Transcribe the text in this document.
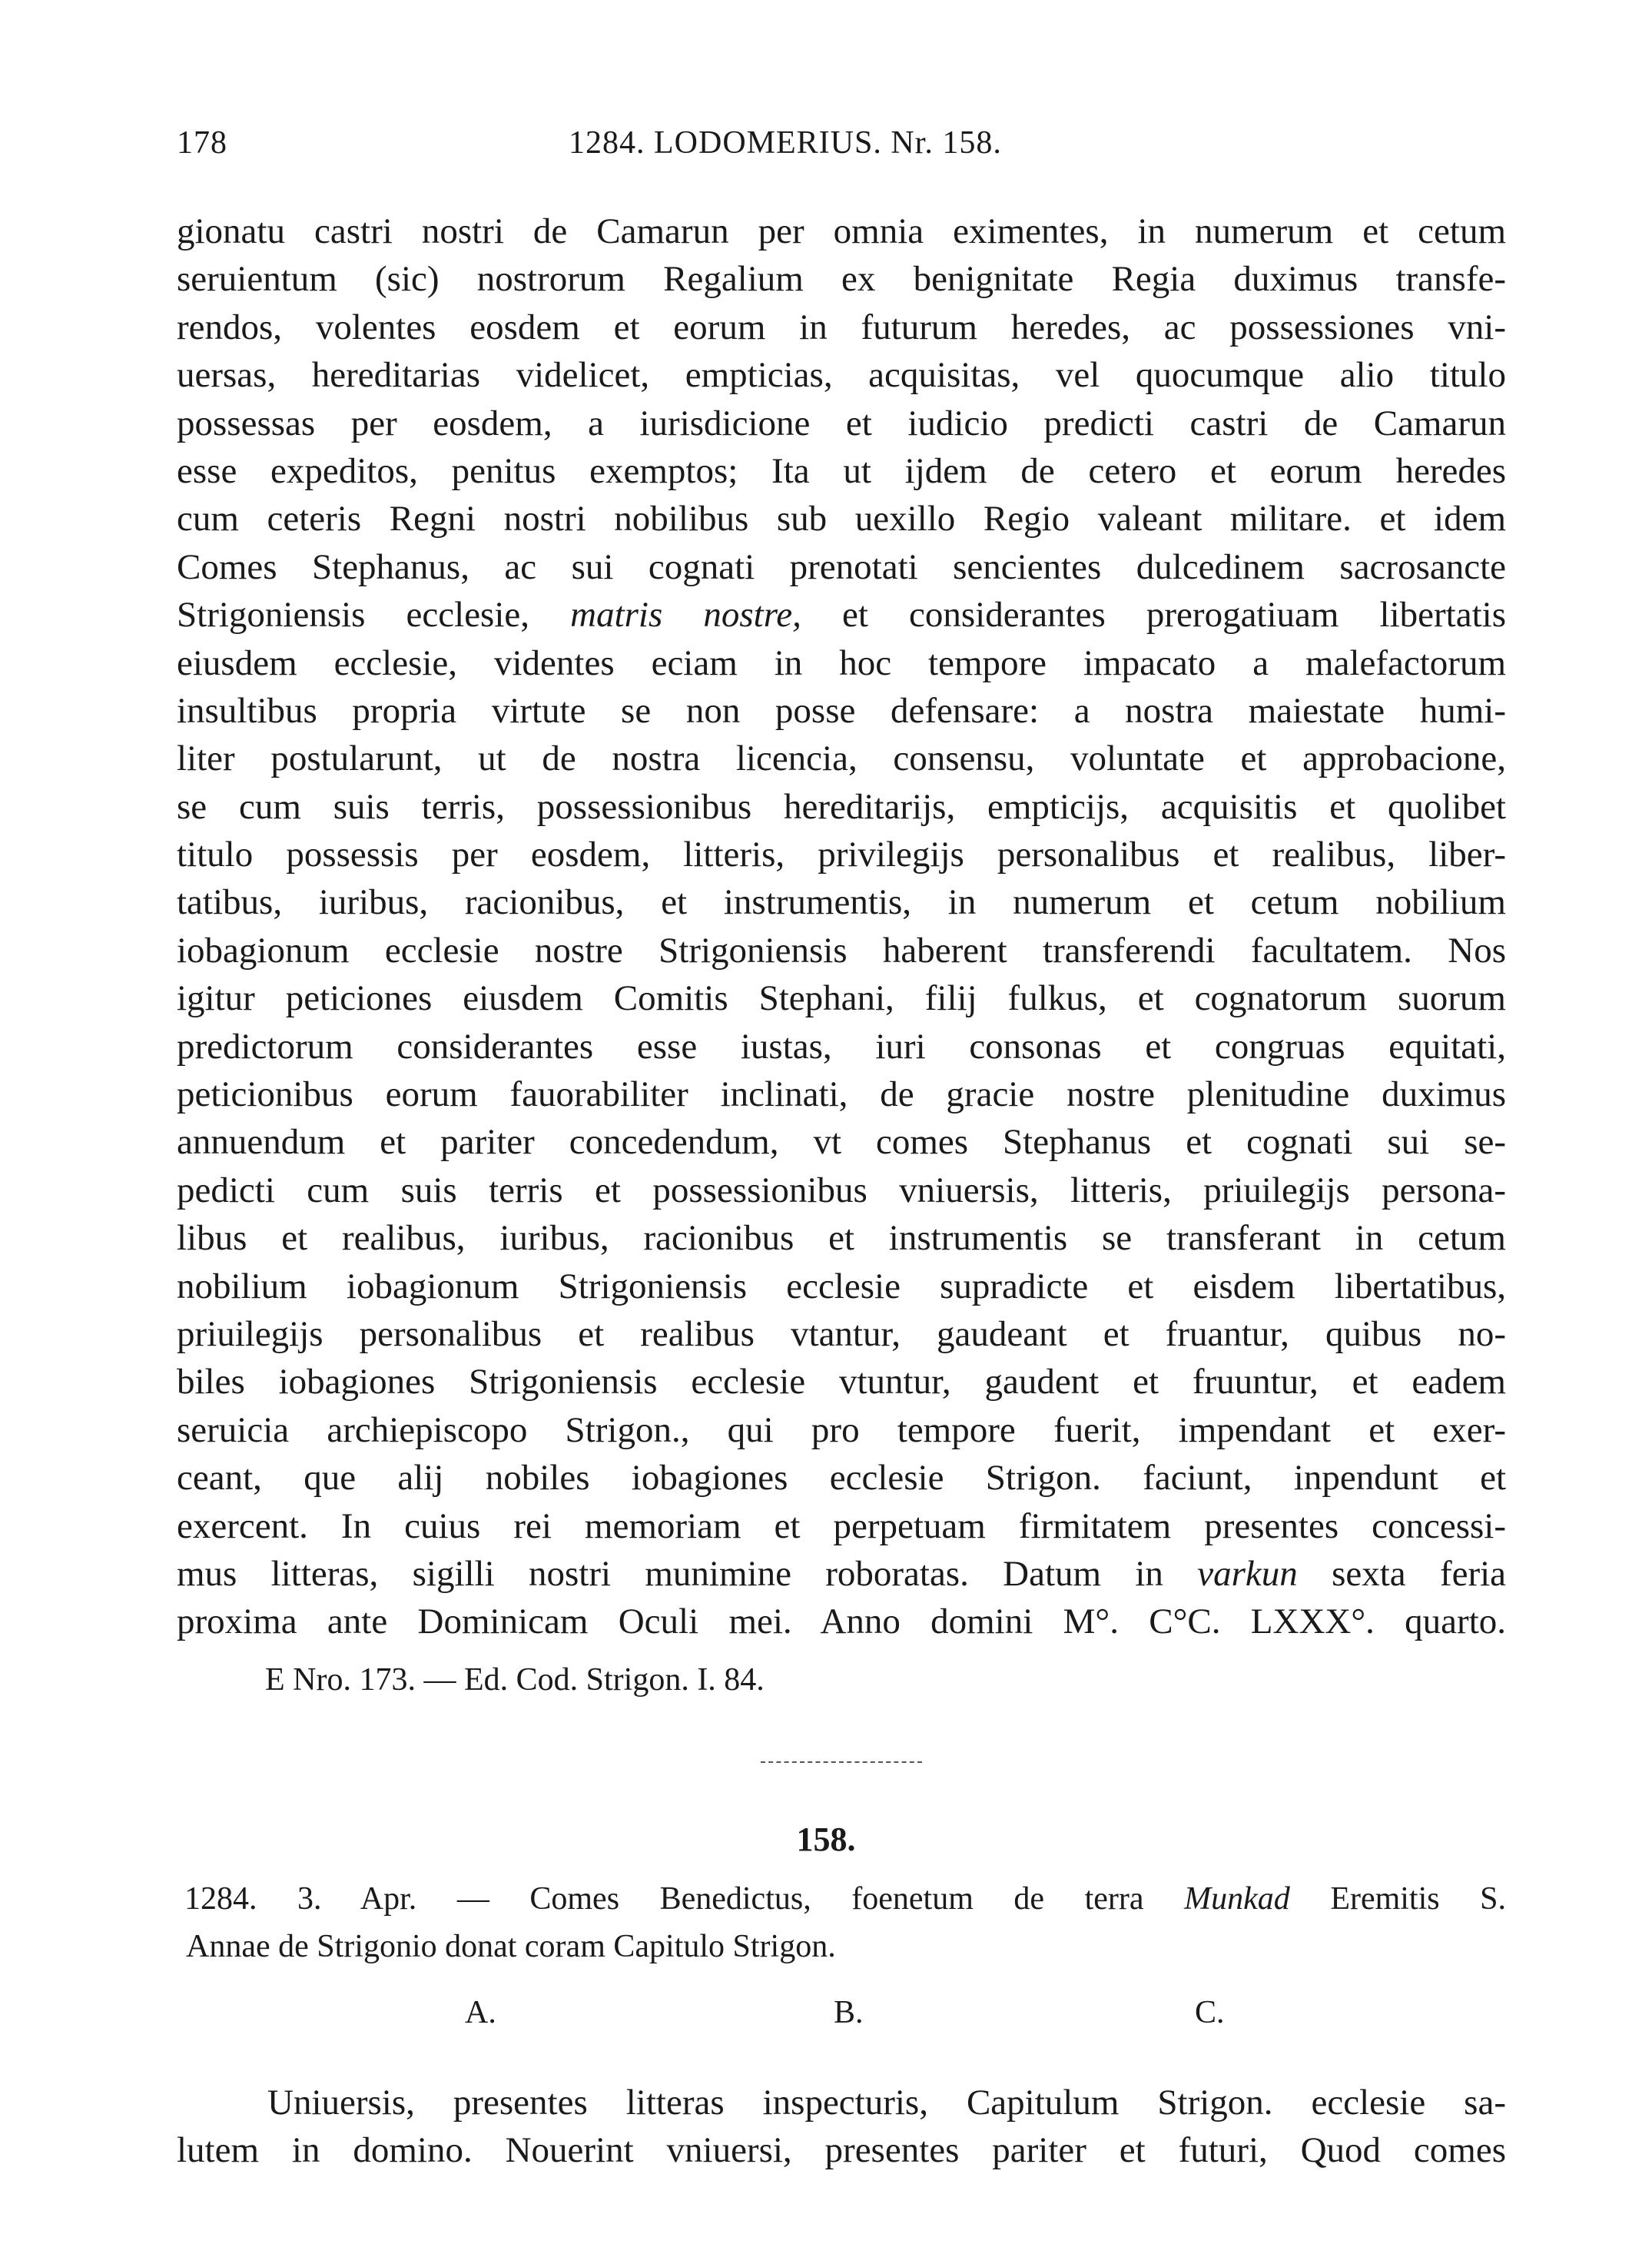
178	1284. LODOMERIUS. Nr. 158.
gionatu castri nostri de Camarun per omnia eximentes, in numerum et cetum
seruientum (sic) nostrorum Regalium ex benignitate Regia duximus transfe-
rendos, volentes eosdem et eorum in futurum heredes, ac possessiones vni-
uersas, hereditarias videlicet, empticias, acquisitas, vel quocumque alio titulo
possessas per eosdem, a iurisdicione et iudicio predicti castri de Camarun
esse expeditos, penitus exemptos; Ita ut ijdem de cetero et eorum heredes
cum ceteris Regni nostri nobilibus sub uexillo Regio valeant militare. et idem
Comes Stephanus, ac sui cognati prenotati sencientes dulcedinem sacrosancte
Strigoniensis ecclesie, matris nostre, et considerantes prerogatiuam libertatis
eiusdem ecclesie, videntes eciam in hoc tempore impacato a malefactorum
insultibus propria virtute se non posse defensare: a nostra maiestate humi-
liter postularunt, ut de nostra licencia, consensu, voluntate et approbacione,
se cum suis terris, possessionibus hereditarijs, empticijs, acquisitis et quolibet
titulo possessis per eosdem, litteris, privilegijs personalibus et realibus, liber-
tatibus, iuribus, racionibus, et instrumentis, in numerum et cetum nobilium
iobagionum ecclesie nostre Strigoniensis haberent transferendi facultatem. Nos
igitur peticiones eiusdem Comitis Stephani, filij fulkus, et cognatorum suorum
predictorum considerantes esse iustas, iuri consonas et congruas equitati,
peticionibus eorum fauorabiliter inclinati, de gracie nostre plenitudine duximus
annuendum et pariter concedendum, vt comes Stephanus et cognati sui se-
pedicti cum suis terris et possessionibus vniuersis, litteris, priuilegijs persona-
libus et realibus, iuribus, racionibus et instrumentis se transferant in cetum
nobilium iobagionum Strigoniensis ecclesie supradicte et eisdem libertatibus,
priuilegijs personalibus et realibus vtantur, gaudeant et fruantur, quibus no-
biles iobagiones Strigoniensis ecclesie vtuntur, gaudent et fruuntur, et eadem
seruicia archiepiscopo Strigon., qui pro tempore fuerit, impendant et exer-
ceant, que alij nobiles iobagiones ecclesie Strigon. faciunt, inpendunt et
exercent. In cuius rei memoriam et perpetuam firmitatem presentes concessi-
mus litteras, sigilli nostri munimine roboratas. Datum in varkun sexta feria
proxima ante Dominicam Oculi mei. Anno domini M°. C°C. LXXX°. quarto.

E Nro. 173. — Ed. Cod. Strigon. I. 84.

158.

1284. 3. Apr. — Comes Benedictus, foenetum de terra Munkad Eremitis S.
Annae de Strigonio donat coram Capitulo Strigon.
A.	B.	C.
Uniuersis, presentes litteras inspecturis, Capitulum Strigon. ecclesie sa-
lutem in domino. Nouerint vniuersi, presentes pariter et futuri, Quod comes
